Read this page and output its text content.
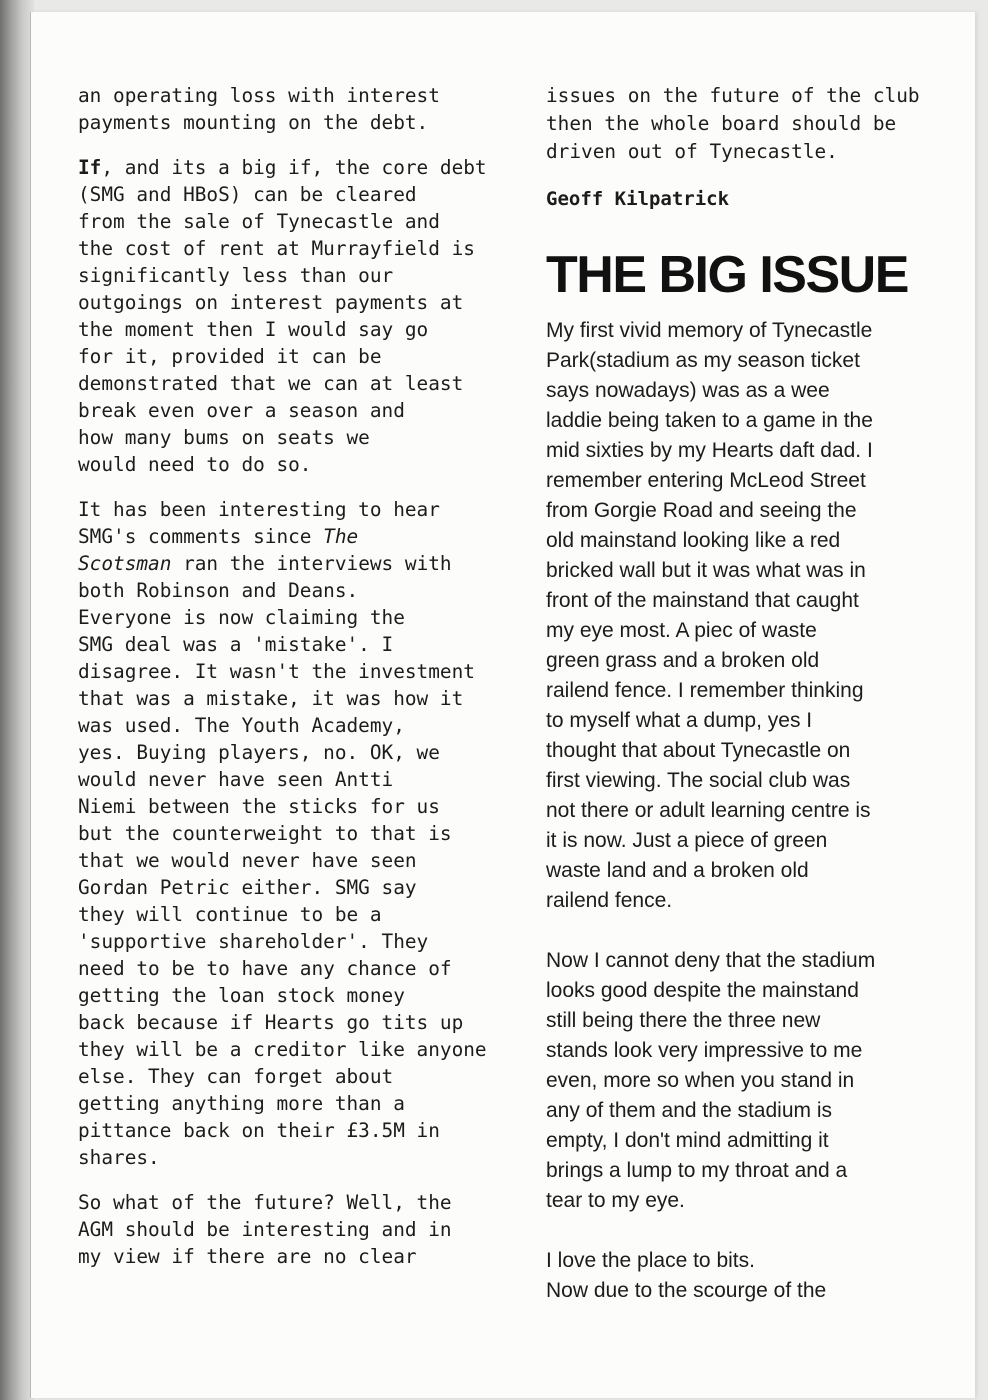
an operating loss with interest
payments mounting on the debt.
If, and its a big if, the core debt
(SMG and HBoS) can be cleared
from the sale of Tynecastle and
the cost of rent at Murrayfield is
significantly less than our
outgoings on interest payments at
the moment then I would say go
for it, provided it can be
demonstrated that we can at least
break even over a season and
how many bums on seats we
would need to do so.
It has been interesting to hear
SMG's comments since The
Scotsman ran the interviews with
both Robinson and Deans.
Everyone is now claiming the
SMG deal was a 'mistake'. I
disagree. It wasn't the investment
that was a mistake, it was how it
was used. The Youth Academy,
yes. Buying players, no. OK, we
would never have seen Antti
Niemi between the sticks for us
but the counterweight to that is
that we would never have seen
Gordan Petric either. SMG say
they will continue to be a
'supportive shareholder'. They
need to be to have any chance of
getting the loan stock money
back because if Hearts go tits up
they will be a creditor like anyone
else. They can forget about
getting anything more than a
pittance back on their £3.5M in
shares.
So what of the future? Well, the
AGM should be interesting and in
my view if there are no clear
issues on the future of the club
then the whole board should be
driven out of Tynecastle.
Geoff Kilpatrick
THE BIG ISSUE
My first vivid memory of Tynecastle
Park(stadium as my season ticket
says nowadays) was as a wee
laddie being taken to a game in the
mid sixties by my Hearts daft dad. I
remember entering McLeod Street
from Gorgie Road and seeing the
old mainstand looking like a red
bricked wall but it was what was in
front of the mainstand that caught
my eye most. A piec of waste
green grass and a broken old
railend fence. I remember thinking
to myself what a dump, yes I
thought that about Tynecastle on
first viewing. The social club was
not there or adult learning centre is
it is now. Just a piece of green
waste land and a broken old
railend fence.
Now I cannot deny that the stadium
looks good despite the mainstand
still being there the three new
stands look very impressive to me
even, more so when you stand in
any of them and the stadium is
empty, I don't mind admitting it
brings a lump to my throat and a
tear to my eye.
I love the place to bits.
Now due to the scourge of the
